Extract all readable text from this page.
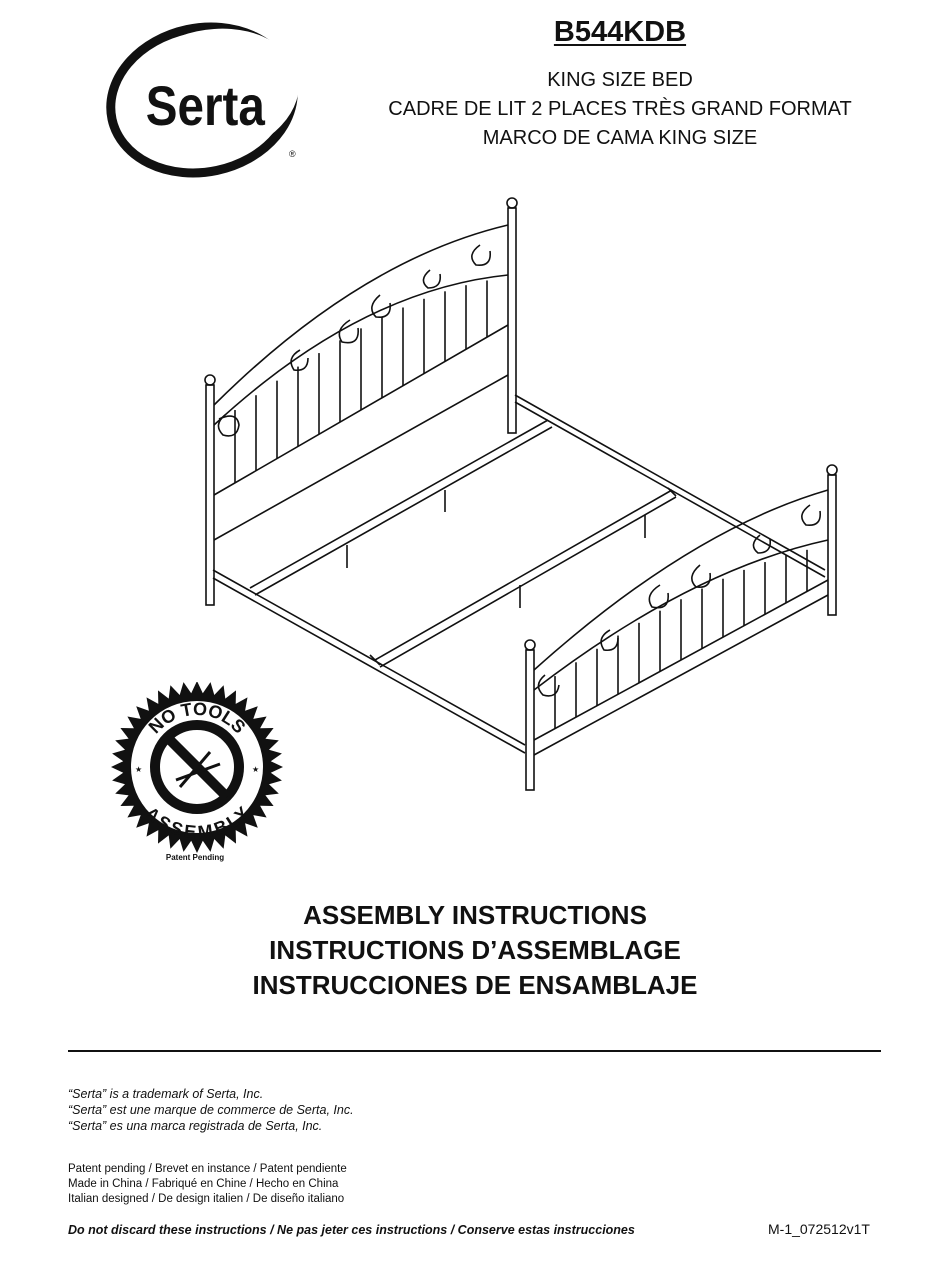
Serta
®
B544KDB
KING SIZE BED
CADRE DE LIT 2 PLACES TRÈS GRAND FORMAT
MARCO DE CAMA KING SIZE
NO TOOLS
ASSEMBLY
★	★
Patent Pending
ASSEMBLY INSTRUCTIONS
INSTRUCTIONS D’ASSEMBLAGE
INSTRUCCIONES DE ENSAMBLAJE
“Serta” is a trademark of Serta, Inc.
“Serta” est une marque de commerce de Serta, Inc.
“Serta” es una marca registrada de Serta, Inc.
Patent pending / Brevet en instance / Patent pendiente
Made in China / Fabriqué en Chine / Hecho en China
Italian designed / De design italien / De diseño italiano
Do not discard these instructions / Ne pas jeter ces instructions / Conserve estas instrucciones	M-1_072512v1T
